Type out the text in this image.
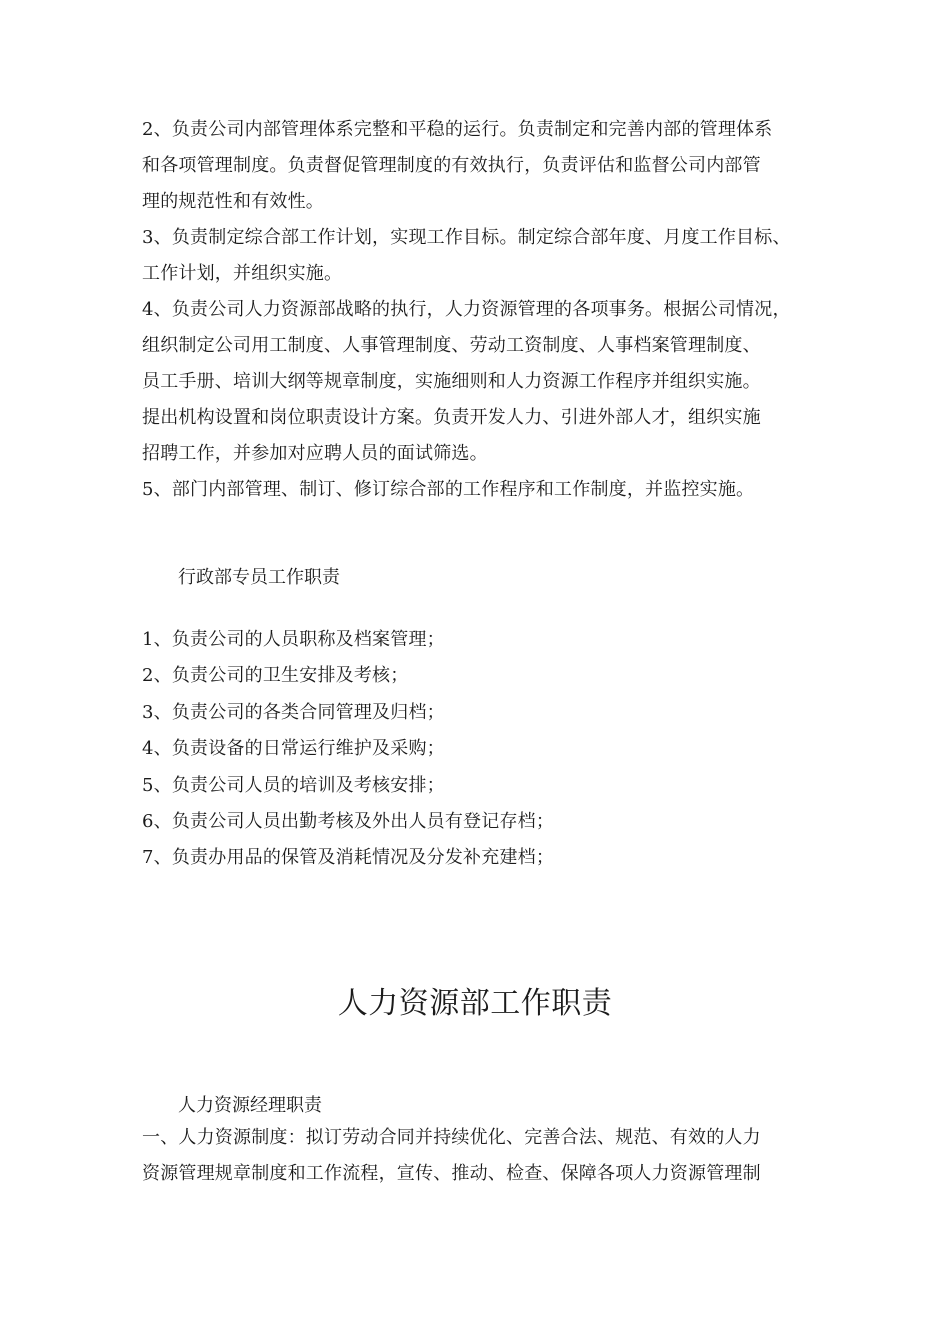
2、负责公司内部管理体系完整和平稳的运行。负责制定和完善内部的管理体系
和各项管理制度。负责督促管理制度的有效执行，负责评估和监督公司内部管
理的规范性和有效性。
3、负责制定综合部工作计划，实现工作目标。制定综合部年度、月度工作目标、
工作计划，并组织实施。
4、负责公司人力资源部战略的执行，人力资源管理的各项事务。根据公司情况，
组织制定公司用工制度、人事管理制度、劳动工资制度、人事档案管理制度、
员工手册、培训大纲等规章制度，实施细则和人力资源工作程序并组织实施。
提出机构设置和岗位职责设计方案。负责开发人力、引进外部人才，组织实施
招聘工作，并参加对应聘人员的面试筛选。
5、部门内部管理、制订、修订综合部的工作程序和工作制度，并监控实施。
行政部专员工作职责
1、负责公司的人员职称及档案管理；
2、负责公司的卫生安排及考核；
3、负责公司的各类合同管理及归档；
4、负责设备的日常运行维护及采购；
5、负责公司人员的培训及考核安排；
6、负责公司人员出勤考核及外出人员有登记存档；
7、负责办用品的保管及消耗情况及分发补充建档；
人力资源部工作职责
人力资源经理职责
一、人力资源制度：拟订劳动合同并持续优化、完善合法、规范、有效的人力
资源管理规章制度和工作流程，宣传、推动、检查、保障各项人力资源管理制
